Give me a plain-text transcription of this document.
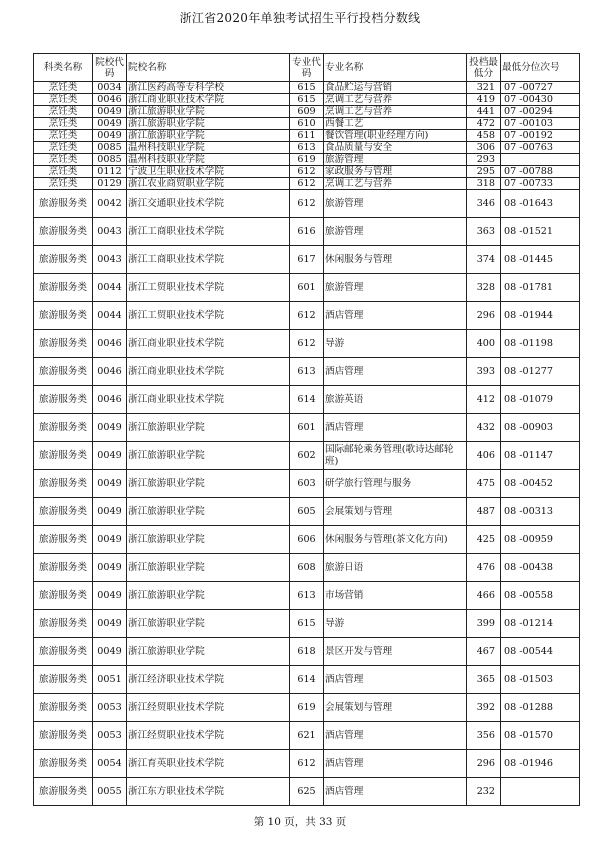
浙江省2020年单独考试招生平行投档分数线
科类名称	院校代码	院校名称	专业代码	专业名称	投档最低分	最低分位次号
烹饪类	0034	浙江医药高等专科学校	615	食品贮运与营销	321	07 -00727
烹饪类	0046	浙江商业职业技术学院	615	烹调工艺与营养	419	07 -00430
烹饪类	0049	浙江旅游职业学院	609	烹调工艺与营养	441	07 -00294
烹饪类	0049	浙江旅游职业学院	610	西餐工艺	472	07 -00103
烹饪类	0049	浙江旅游职业学院	611	餐饮管理(职业经理方向)	458	07 -00192
烹饪类	0085	温州科技职业学院	613	食品质量与安全	306	07 -00763
烹饪类	0085	温州科技职业学院	619	旅游管理	293	
烹饪类	0112	宁波卫生职业技术学院	612	家政服务与管理	295	07 -00788
烹饪类	0129	浙江农业商贸职业学院	612	烹调工艺与营养	318	07 -00733
旅游服务类	0042	浙江交通职业技术学院	612	旅游管理	346	08 -01643
旅游服务类	0043	浙江工商职业技术学院	616	旅游管理	363	08 -01521
旅游服务类	0043	浙江工商职业技术学院	617	休闲服务与管理	374	08 -01445
旅游服务类	0044	浙江工贸职业技术学院	601	旅游管理	328	08 -01781
旅游服务类	0044	浙江工贸职业技术学院	612	酒店管理	296	08 -01944
旅游服务类	0046	浙江商业职业技术学院	612	导游	400	08 -01198
旅游服务类	0046	浙江商业职业技术学院	613	酒店管理	393	08 -01277
旅游服务类	0046	浙江商业职业技术学院	614	旅游英语	412	08 -01079
旅游服务类	0049	浙江旅游职业学院	601	酒店管理	432	08 -00903
旅游服务类	0049	浙江旅游职业学院	602	国际邮轮乘务管理(歌诗达邮轮班)	406	08 -01147
旅游服务类	0049	浙江旅游职业学院	603	研学旅行管理与服务	475	08 -00452
旅游服务类	0049	浙江旅游职业学院	605	会展策划与管理	487	08 -00313
旅游服务类	0049	浙江旅游职业学院	606	休闲服务与管理(茶文化方向)	425	08 -00959
旅游服务类	0049	浙江旅游职业学院	608	旅游日语	476	08 -00438
旅游服务类	0049	浙江旅游职业学院	613	市场营销	466	08 -00558
旅游服务类	0049	浙江旅游职业学院	615	导游	399	08 -01214
旅游服务类	0049	浙江旅游职业学院	618	景区开发与管理	467	08 -00544
旅游服务类	0051	浙江经济职业技术学院	614	酒店管理	365	08 -01503
旅游服务类	0053	浙江经贸职业技术学院	619	会展策划与管理	392	08 -01288
旅游服务类	0053	浙江经贸职业技术学院	621	酒店管理	356	08 -01570
旅游服务类	0054	浙江育英职业技术学院	612	酒店管理	296	08 -01946
旅游服务类	0055	浙江东方职业技术学院	625	酒店管理	232	
第 10 页，共 33 页
